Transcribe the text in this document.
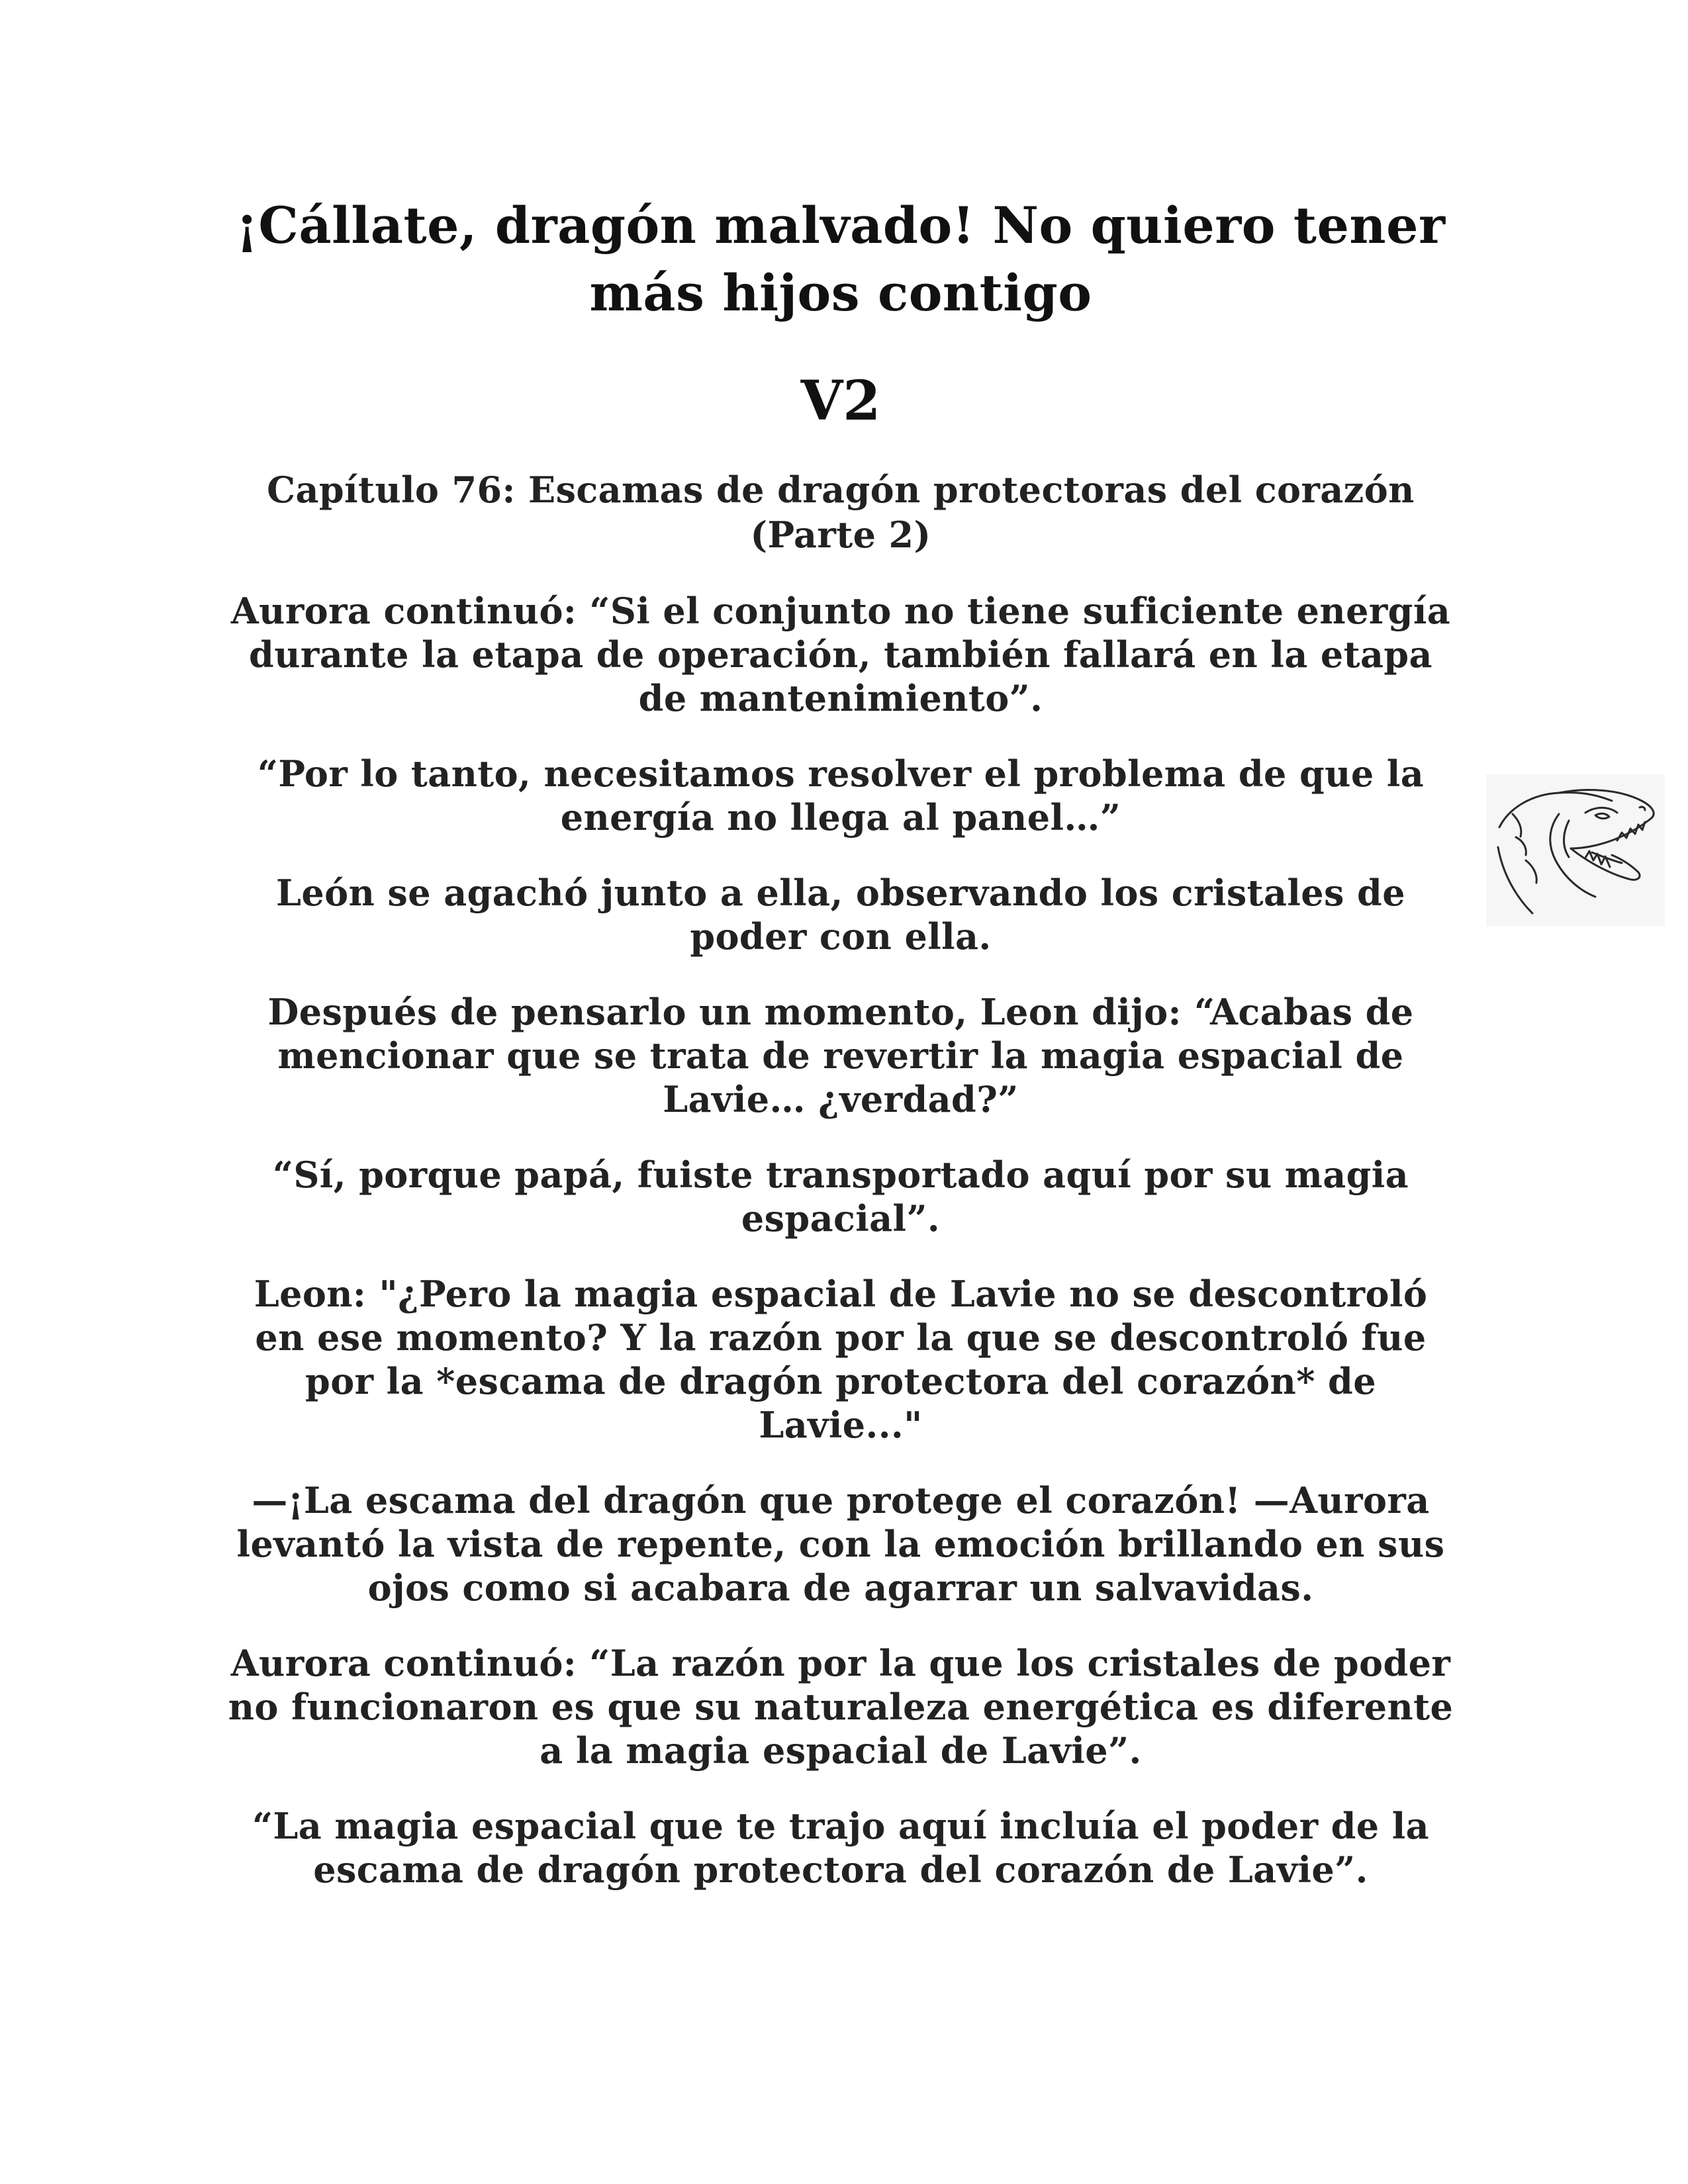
¡Cállate, dragón malvado! No quiero tener más hijos contigo
V2
Capítulo 76: Escamas de dragón protectoras del corazón (Parte 2)

Aurora continuó: “Si el conjunto no tiene suficiente energía durante la etapa de operación, también fallará en la etapa de mantenimiento”.

“Por lo tanto, necesitamos resolver el problema de que la energía no llega al panel…”

León se agachó junto a ella, observando los cristales de poder con ella.

Después de pensarlo un momento, Leon dijo: “Acabas de mencionar que se trata de revertir la magia espacial de Lavie… ¿verdad?”

“Sí, porque papá, fuiste transportado aquí por su magia espacial”.

Leon: "¿Pero la magia espacial de Lavie no se descontroló en ese momento? Y la razón por la que se descontroló fue por la *escama de dragón protectora del corazón* de Lavie..."

—¡La escama del dragón que protege el corazón! —Aurora levantó la vista de repente, con la emoción brillando en sus ojos como si acabara de agarrar un salvavidas.

Aurora continuó: “La razón por la que los cristales de poder no funcionaron es que su naturaleza energética es diferente a la magia espacial de Lavie”.

“La magia espacial que te trajo aquí incluía el poder de la escama de dragón protectora del corazón de Lavie”.
